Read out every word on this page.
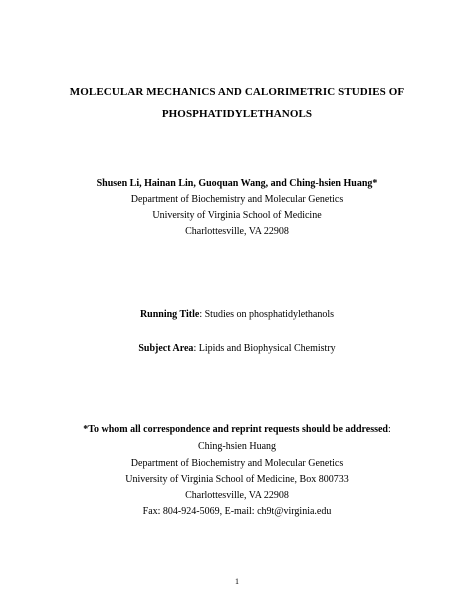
MOLECULAR MECHANICS AND CALORIMETRIC STUDIES OF
PHOSPHATIDYLETHANOLS
Shusen Li, Hainan Lin, Guoquan Wang, and Ching-hsien Huang*
Department of Biochemistry and Molecular Genetics
University of Virginia School of Medicine
Charlottesville, VA 22908
Running Title: Studies on phosphatidylethanols
Subject Area: Lipids and Biophysical Chemistry
*To whom all correspondence and reprint requests should be addressed:
Ching-hsien Huang
Department of Biochemistry and Molecular Genetics
University of Virginia School of Medicine, Box 800733
Charlottesville, VA 22908
Fax: 804-924-5069, E-mail: ch9t@virginia.edu
1
